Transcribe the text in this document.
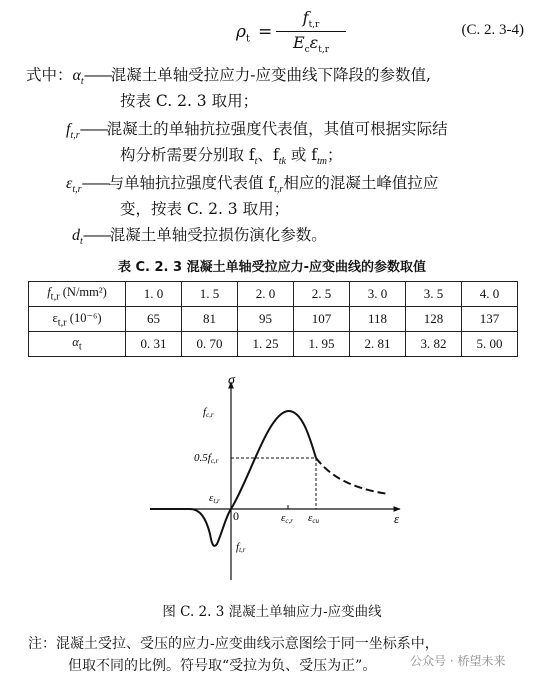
$\rho_t$ =
$f_{t,r}$
$E_c\varepsilon_{t,r}$
(C. 2. 3-4)
式中：$\alpha_t——$混凝土单轴受拉应力-应变曲线下降段的参数值,
按表 C. 2. 3 取用；
$f_{t,r}——$混凝土的单轴抗拉强度代表值，其值可根据实际结
构分析需要分别取 $f_t$、$f_{tk}$ 或 $f_{tm}$；
$\varepsilon_{t,r}——$与单轴抗拉强度代表值 $f_{t,r}$相应的混凝土峰值拉应
变，按表 C. 2. 3 取用；
$d_t——$混凝土单轴受拉损伤演化参数。
表 C. 2. 3 混凝土单轴受拉应力-应变曲线的参数取值
$f_{t,r}$ (N/mm²)	1. 0	1. 5	2. 0	2. 5	3. 0	3. 5	4. 0
$\varepsilon_{t,r}$ (10⁻⁶)	65	81	95	107	118	128	137
$\alpha_t$	0. 31	0. 70	1. 25	1. 95	2. 81	3. 82	5. 00
σ
ε
0
fc,r
0.5fc,r
εt,r
ft,r
εc,r εcu
图 C. 2. 3 混凝土单轴应力-应变曲线
注：混凝土受拉、受压的应力-应变曲线示意图绘于同一坐标系中，
但取不同的比例。符号取“受拉为负、受压为正”。	公众号 · 桥望未来
